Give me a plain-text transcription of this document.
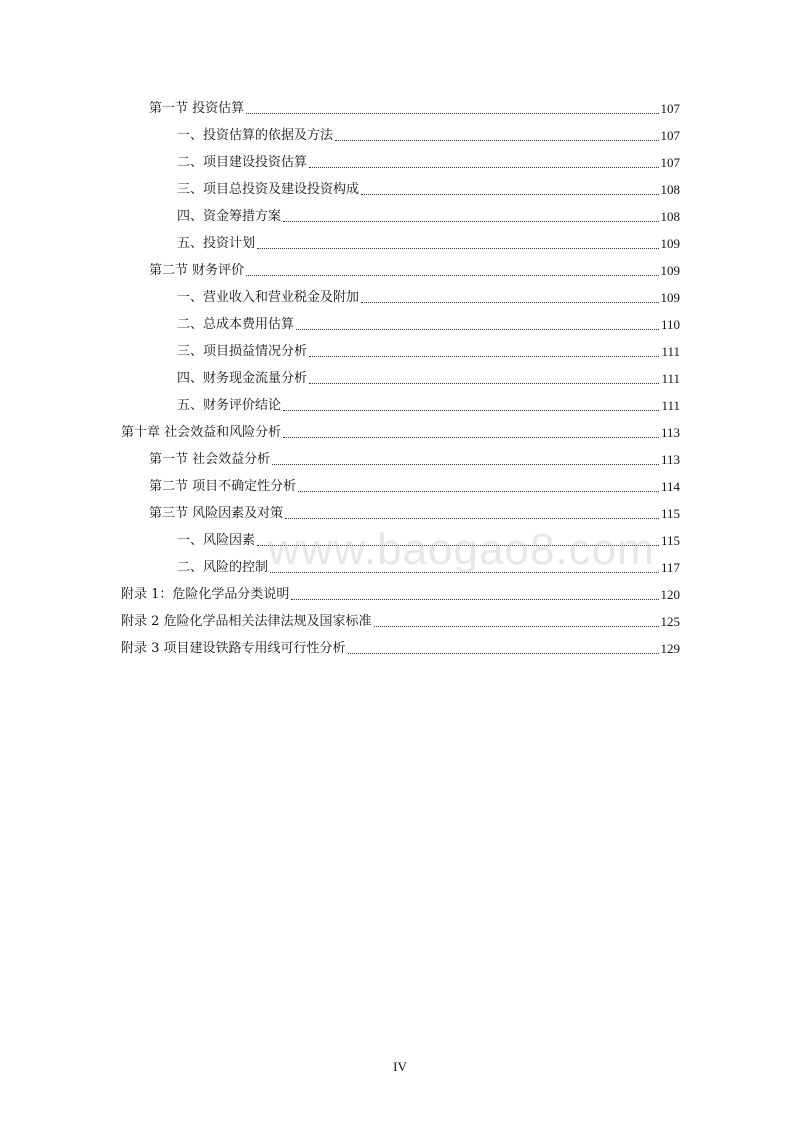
第一节 投资估算	107
一、投资估算的依据及方法	107
二、项目建设投资估算	107
三、项目总投资及建设投资构成	108
四、资金筹措方案	108
五、投资计划	109
第二节 财务评价	109
一、营业收入和营业税金及附加	109
二、总成本费用估算	110
三、项目损益情况分析	111
四、财务现金流量分析	111
五、财务评价结论	111
第十章 社会效益和风险分析	113
第一节 社会效益分析	113
第二节 项目不确定性分析	114
第三节 风险因素及对策	115
一、风险因素	115
二、风险的控制	117
附录 1：危险化学品分类说明	120
附录 2 危险化学品相关法律法规及国家标准	125
附录 3 项目建设铁路专用线可行性分析	129
www.baogao8.com
IV
